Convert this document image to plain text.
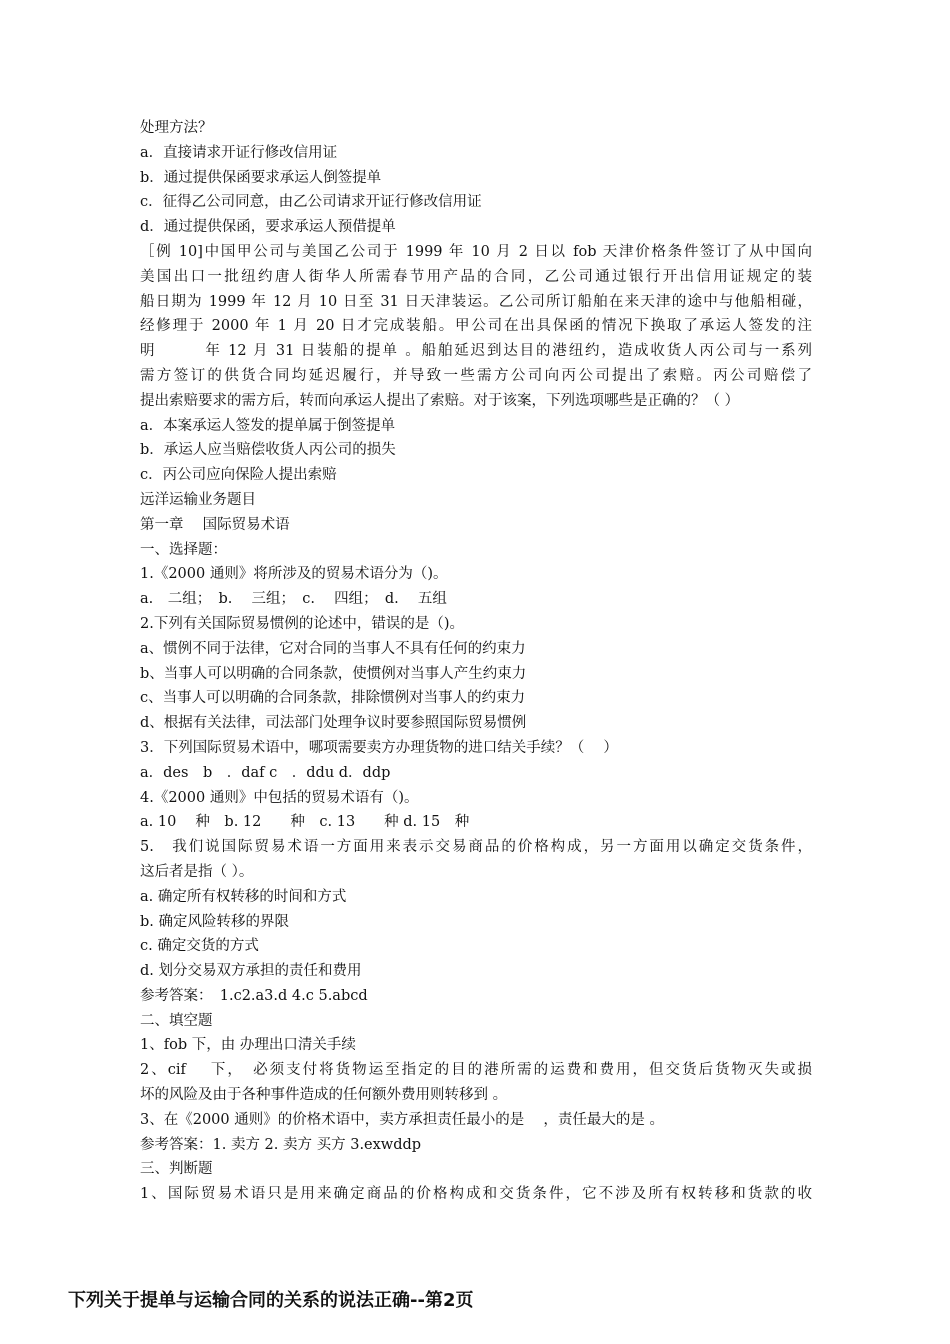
处理方法？
a．直接请求开证行修改信用证
b．通过提供保函要求承运人倒签提单
c．征得乙公司同意，由乙公司请求开证行修改信用证
d．通过提供保函，要求承运人预借提单
［例 10]中国甲公司与美国乙公司于 1999 年 10 月 2 日以 fob 天津价格条件签订了从中国向
美国出口一批纽约唐人街华人所需春节用产品的合同，乙公司通过银行开出信用证规定的装
船日期为 1999 年 12 月 10 日至 31 日天津装运。乙公司所订船舶在来天津的途中与他船相碰，
经修理于 2000 年 1 月 20 日才完成装船。甲公司在出具保函的情况下换取了承运人签发的注
明　　　年 12 月 31 日装船的提单 。船舶延迟到达目的港纽约，造成收货人丙公司与一系列
需方签订的供货合同均延迟履行，并导致一些需方公司向丙公司提出了索赔。丙公司赔偿了
提出索赔要求的需方后，转而向承运人提出了索赔。对于该案，下列选项哪些是正确的？（ ）
a．本案承运人签发的提单属于倒签提单
b．承运人应当赔偿收货人丙公司的损失
c．丙公司应向保险人提出索赔
远洋运输业务题目
第一章　 国际贸易术语
一、选择题：
1.《2000 通则》将所涉及的贸易术语分为（)。
a.　二组；　b.　 三组；　c.　 四组；　d.　 五组
2.下列有关国际贸易惯例的论述中，错误的是（)。
a、惯例不同于法律，它对合同的当事人不具有任何的约束力
b、当事人可以明确的合同条款，使惯例对当事人产生约束力
c、当事人可以明确的合同条款，排除惯例对当事人的约束力
d、根据有关法律，司法部门处理争议时要参照国际贸易惯例
3．下列国际贸易术语中，哪项需要卖方办理货物的进口结关手续？（　 ）
a．des　b　．daf c　．ddu d．ddp
4.《2000 通则》中包括的贸易术语有（)。
a. 10　 种　b. 12　　种　c. 13　　种 d. 15　种
5.　我们说国际贸易术语一方面用来表示交易商品的价格构成，另一方面用以确定交货条件，
这后者是指（ ）。
a. 确定所有权转移的时间和方式
b. 确定风险转移的界限
c. 确定交货的方式
d. 划分交易双方承担的责任和费用
参考答案：　1.c2.a3.d 4.c 5.abcd
二、填空题
1、fob 下，由 办理出口清关手续
2、cif　 下，　必须支付将货物运至指定的目的港所需的运费和费用，但交货后货物灭失或损
坏的风险及由于各种事件造成的任何额外费用则转移到 。
3、在《2000 通则》的价格术语中，卖方承担责任最小的是　 ，责任最大的是 。
参考答案：1. 卖方 2. 卖方 买方 3.exwddp
三、判断题
1、国际贸易术语只是用来确定商品的价格构成和交货条件，它不涉及所有权转移和货款的收
下列关于提单与运输合同的关系的说法正确--第2页
